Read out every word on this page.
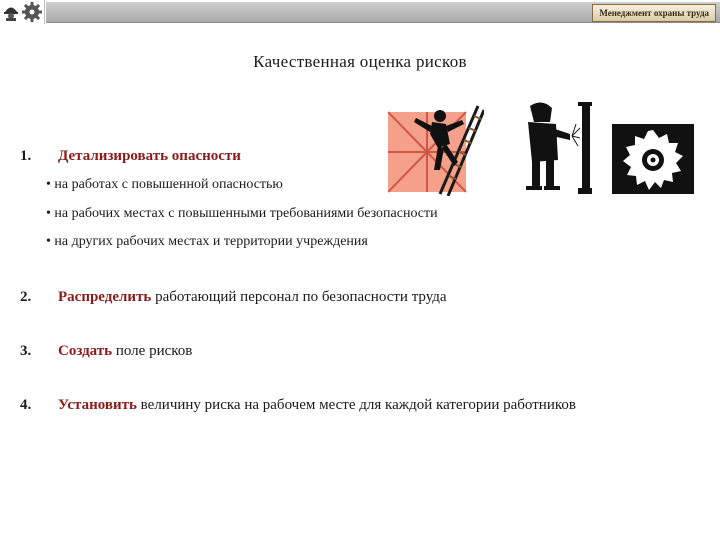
Менеджмент охраны труда
Качественная оценка рисков
1. Детализировать опасности
• на работах с повышенной опасностью
• на рабочих местах с повышенными требованиями безопасности
• на других рабочих местах и территории учреждения
2. Распределить работающий персонал по безопасности труда
3. Создать поле рисков
4. Установить величину риска на рабочем месте для каждой категории работников
